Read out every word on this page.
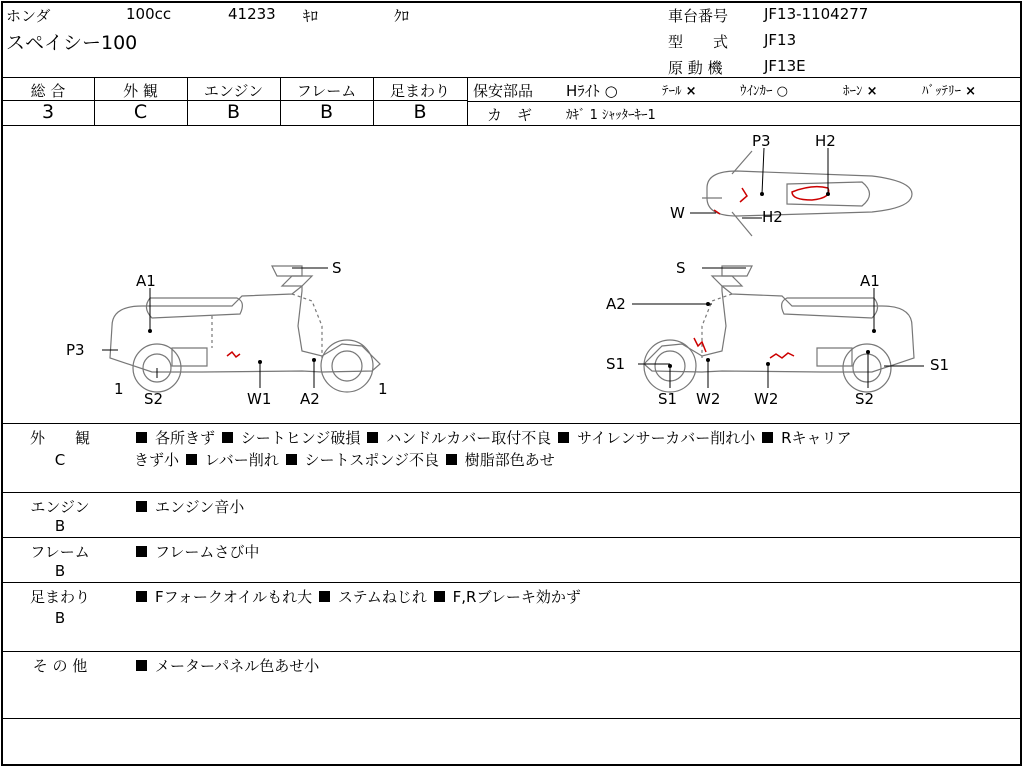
ホンダ	100cc	41233 ｷﾛ	ｸﾛ
スペイシー100
車台番号 JF13-1104277
型　　式 JF13
原 動 機	JF13E
総 合	外 観	エンジン	フレーム	足まわり
3	C	B	B	B
保安部品 Hﾗｲﾄ ○	ﾃｰﾙ ×	ｳｲﾝｶｰ ○	ﾎｰﾝ ×	ﾊﾞｯﾃﾘｰ ×
カ　ギ	ｶｷﾞ 1 ｼｬｯﾀｰｷｰ1
A1
S
P3
1
S2	W1 A2
1
S
A1
A2
S1
S1 W2 W2	S2
S1
P3	H2
W	H2
外　　観
C
各所きず シートヒンジ破損 ハンドルカバー取付不良 サイレンサーカバー削れ小 Rキャリア
きず小 レバー削れ シートスポンジ不良 樹脂部色あせ
エンジン
B
エンジン音小
フレーム
B
フレームさび中
足まわり
B
Fフォークオイルもれ大 ステムねじれ F,Rブレーキ効かず
そ の 他	メーターパネル色あせ小
